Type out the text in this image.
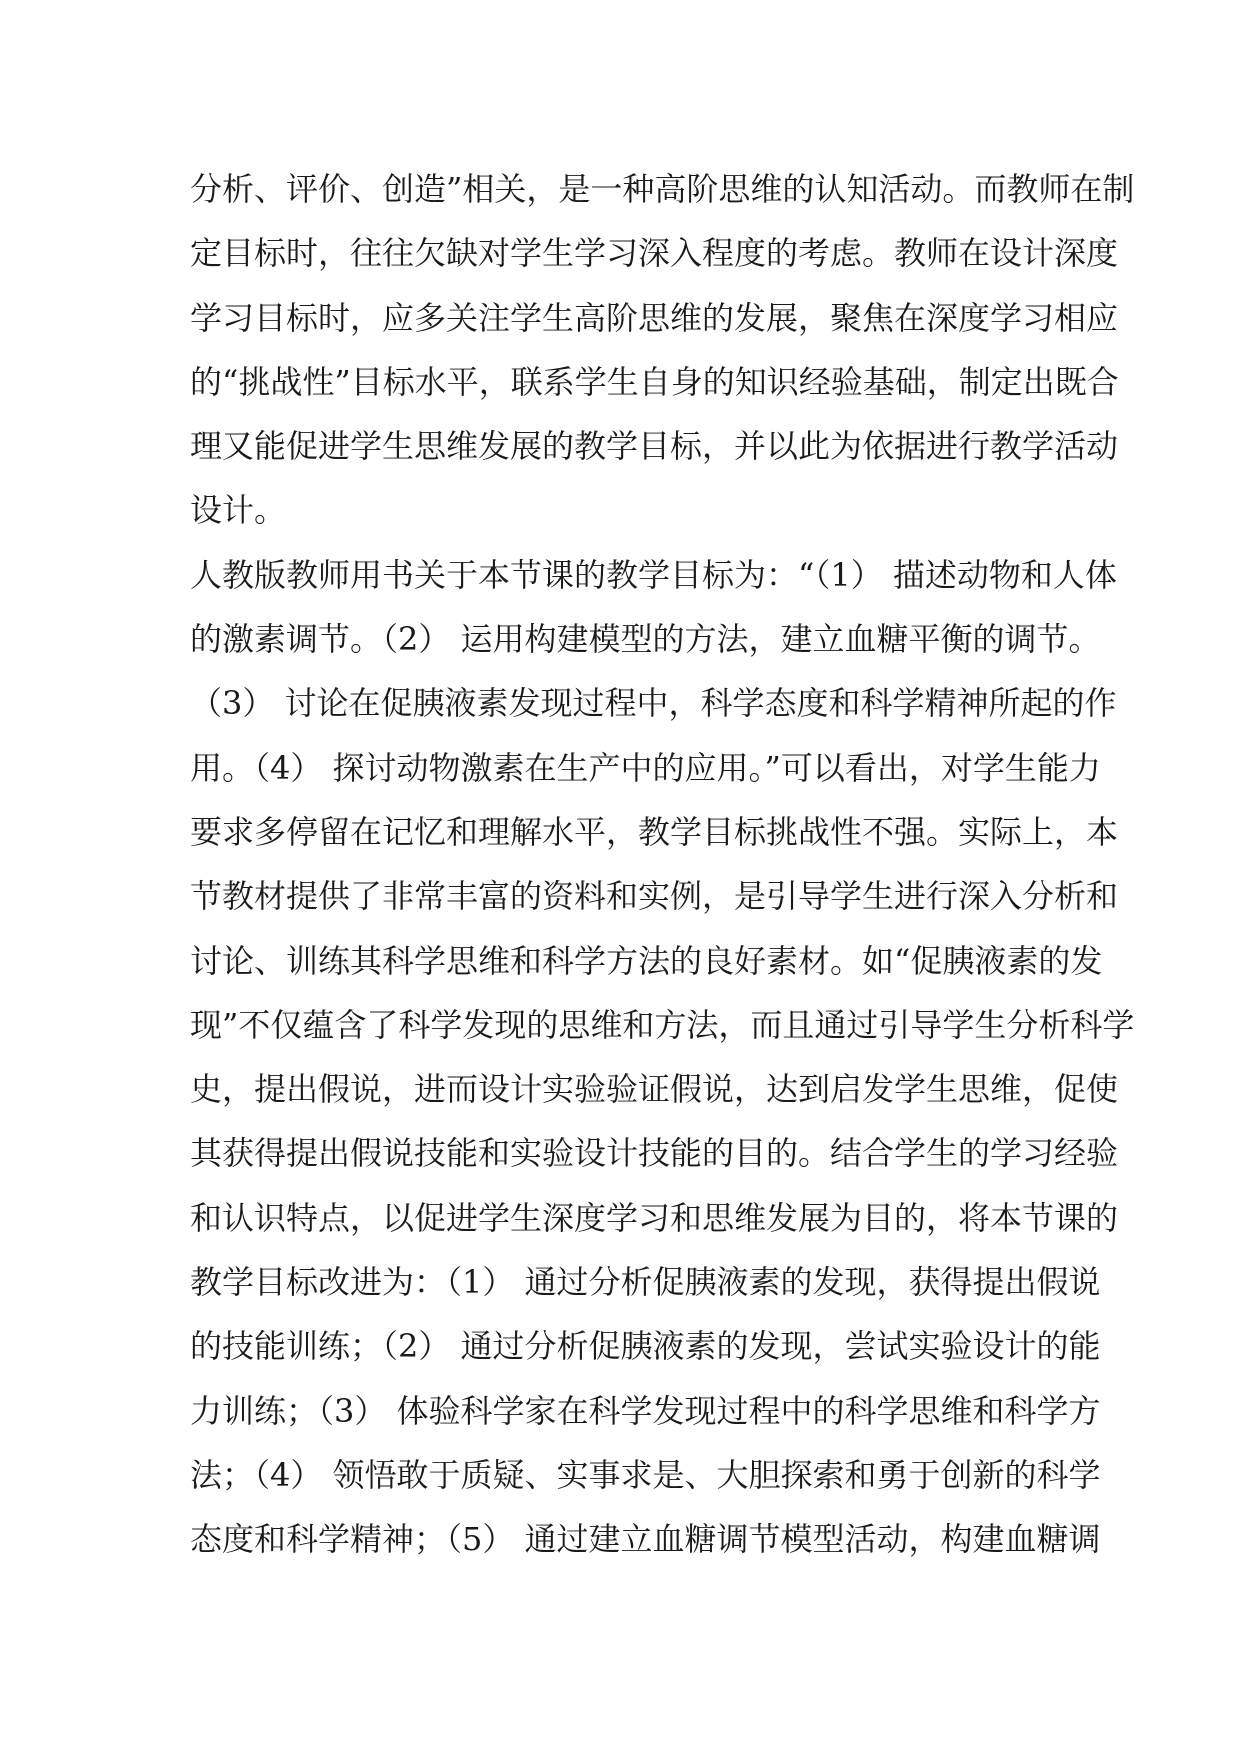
分析、评价、创造”相关，是一种高阶思维的认知活动。而教师在制
定目标时，往往欠缺对学生学习深入程度的考虑。教师在设计深度
学习目标时，应多关注学生高阶思维的发展，聚焦在深度学习相应
的“挑战性”目标水平，联系学生自身的知识经验基础，制定出既合
理又能促进学生思维发展的教学目标，并以此为依据进行教学活动
设计。
人教版教师用书关于本节课的教学目标为：“（1） 描述动物和人体
的激素调节。（2） 运用构建模型的方法，建立血糖平衡的调节。
（3） 讨论在促胰液素发现过程中，科学态度和科学精神所起的作
用。（4） 探讨动物激素在生产中的应用。”可以看出，对学生能力
要求多停留在记忆和理解水平，教学目标挑战性不强。实际上，本
节教材提供了非常丰富的资料和实例，是引导学生进行深入分析和
讨论、训练其科学思维和科学方法的良好素材。如“促胰液素的发
现”不仅蕴含了科学发现的思维和方法，而且通过引导学生分析科学
史，提出假说，进而设计实验验证假说，达到启发学生思维，促使
其获得提出假说技能和实验设计技能的目的。结合学生的学习经验
和认识特点，以促进学生深度学习和思维发展为目的，将本节课的
教学目标改进为：（1） 通过分析促胰液素的发现，获得提出假说
的技能训练；（2） 通过分析促胰液素的发现，尝试实验设计的能
力训练；（3） 体验科学家在科学发现过程中的科学思维和科学方
法；（4） 领悟敢于质疑、实事求是、大胆探索和勇于创新的科学
态度和科学精神；（5） 通过建立血糖调节模型活动，构建血糖调
